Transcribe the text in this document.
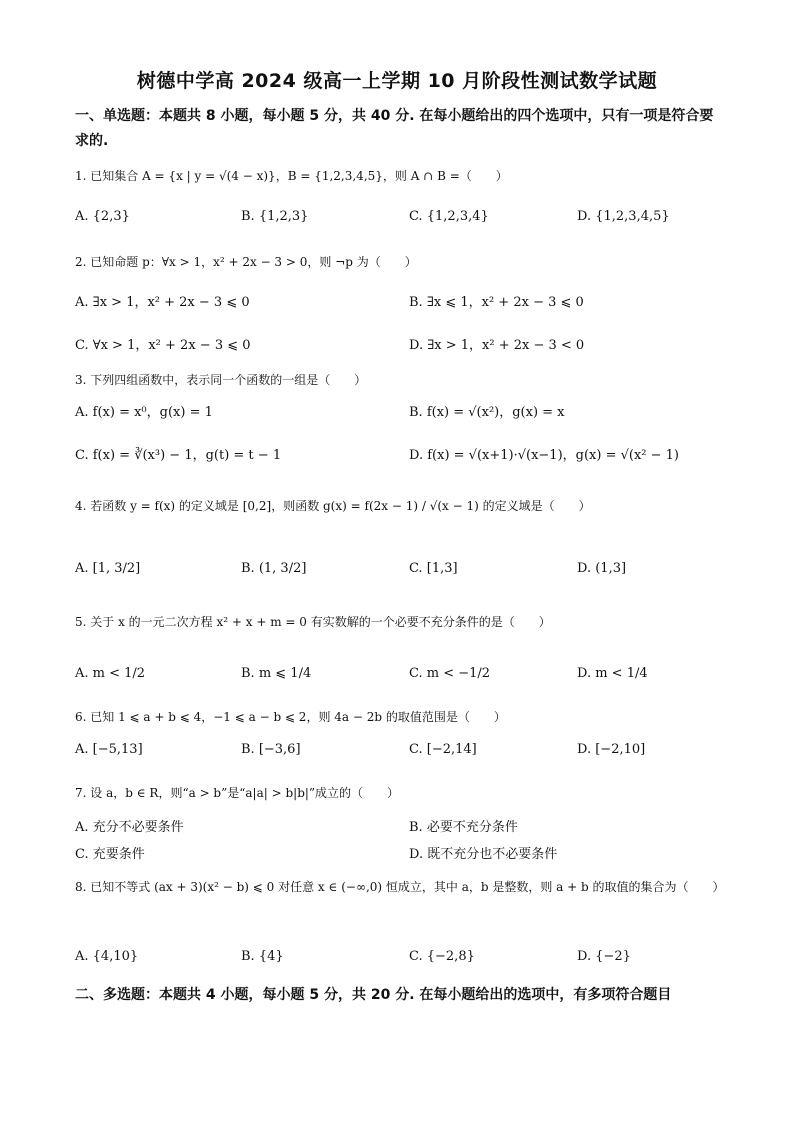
树德中学高 2024 级高一上学期 10 月阶段性测试数学试题
一、单选题：本题共 8 小题，每小题 5 分，共 40 分. 在每小题给出的四个选项中，只有一项是符合要求的.
1. 已知集合 A = {x | y = √(4 − x)}，B = {1,2,3,4,5}，则 A ∩ B =（　　）
A. {2,3}	B. {1,2,3}	C. {1,2,3,4}	D. {1,2,3,4,5}
2. 已知命题 p：∀x > 1，x² + 2x − 3 > 0，则 ¬p 为（　　）
A. ∃x > 1，x² + 2x − 3 ⩽ 0	B. ∃x ⩽ 1，x² + 2x − 3 ⩽ 0
C. ∀x > 1，x² + 2x − 3 ⩽ 0	D. ∃x > 1，x² + 2x − 3 < 0
3. 下列四组函数中，表示同一个函数的一组是（　　）
A. f(x) = x⁰，g(x) = 1	B. f(x) = √(x²)，g(x) = x
C. f(x) = ∛(x³) − 1，g(t) = t − 1	D. f(x) = √(x+1)·√(x−1)，g(x) = √(x² − 1)
4. 若函数 y = f(x) 的定义域是 [0,2]，则函数 g(x) = f(2x − 1) / √(x − 1) 的定义域是（　　）
A. [1, 3/2]	B. (1, 3/2]	C. [1,3]	D. (1,3]
5. 关于 x 的一元二次方程 x² + x + m = 0 有实数解的一个必要不充分条件的是（　　）
A. m < 1/2	B. m ⩽ 1/4	C. m < −1/2	D. m < 1/4
6. 已知 1 ⩽ a + b ⩽ 4，−1 ⩽ a − b ⩽ 2，则 4a − 2b 的取值范围是（　　）
A. [−5,13]	B. [−3,6]	C. [−2,14]	D. [−2,10]
7. 设 a，b ∈ R，则“a > b”是“a|a| > b|b|”成立的（　　）
A. 充分不必要条件	B. 必要不充分条件
C. 充要条件	D. 既不充分也不必要条件
8. 已知不等式 (ax + 3)(x² − b) ⩽ 0 对任意 x ∈ (−∞,0) 恒成立，其中 a，b 是整数，则 a + b 的取值的集合为（　　）
A. {4,10}	B. {4}	C. {−2,8}	D. {−2}
二、多选题：本题共 4 小题，每小题 5 分，共 20 分. 在每小题给出的选项中，有多项符合题目
